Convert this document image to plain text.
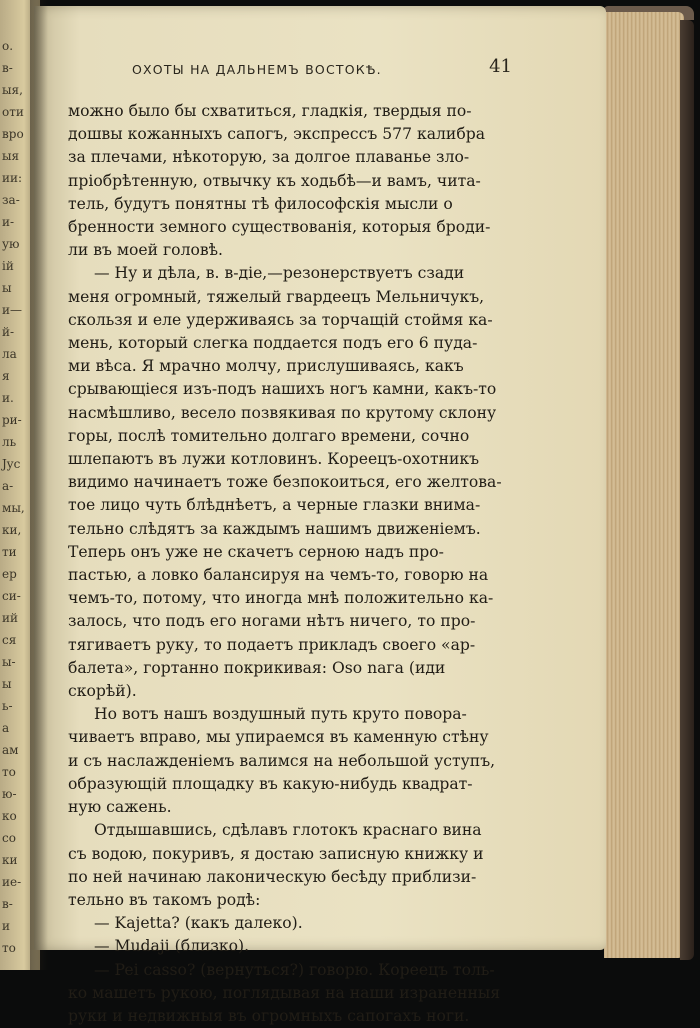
о.
в-
ыя,
оти
вро
ыя
ии:
за-
и-
ую
ій
ы
и—
й-
ла
я
и.
ри-
ль
Jyc
а-
мы,
ки,
ти
ер
си-
ий
ся
ы-
ы
ь-
a
aм
то
ю-
ко
со
ки
ие-
в-
и
то
ОХОТЫ НА ДАЛЬНЕМЪ ВОСТОКѢ.	41
можно было бы схватиться, гладкія, твердыя по-
дошвы кожанныхъ сапогъ, экспрессъ 577 калибра
за плечами, нѣкоторую, за долгое плаванье зло-
пріобрѣтенную, отвычку къ ходьбѣ—и вамъ, чита-
тель, будутъ понятны тѣ философскія мысли о
бренности земного существованія, которыя броди-
ли въ моей головѣ.
— Ну и дѣла, в. в-діе,—резонерствуетъ сзади
меня огромный, тяжелый гвардеецъ Мельничукъ,
скользя и еле удерживаясь за торчащій стоймя ка-
мень, который слегка поддается подъ его 6 пуда-
ми вѣса. Я мрачно молчу, прислушиваясь, какъ
срывающіеся изъ-подъ нашихъ ногъ камни, какъ-то
насмѣшливо, весело позвякивая по крутому склону
горы, послѣ томительно долгаго времени, сочно
шлепаютъ въ лужи котловинъ. Кореецъ-охотникъ
видимо начинаетъ тоже безпокоиться, его желтова-
тое лицо чуть блѣднѣетъ, а черные глазки внима-
тельно слѣдятъ за каждымъ нашимъ движеніемъ.
Теперь онъ уже не скачетъ серною надъ про-
пастью, а ловко балансируя на чемъ-то, говорю на
чемъ-то, потому, что иногда мнѣ положительно ка-
залось, что подъ его ногами нѣтъ ничего, то про-
тягиваетъ руку, то подаетъ прикладъ своего «ар-
балета», гортанно покрикивая: Oso naга (иди
скорѣй).
Но вотъ нашъ воздушный путь круто повора-
чиваетъ вправо, мы упираемся въ каменную стѣну
и съ наслажденіемъ валимся на небольшой уступъ,
образующій площадку въ какую-нибудь квадрат-
ную сажень.
Отдышавшись, сдѣлавъ глотокъ краснаго вина
съ водою, покуривъ, я достаю записную книжку и
по ней начинаю лаконическую бесѣду приблизи-
тельно въ такомъ родѣ:
— Kajetta? (какъ далеко).
— Mudaji (близко).
— Pei casso? (вернуться?) говорю. Кореецъ толь-
ко машетъ рукою, поглядывая на наши израненныя
руки и недвижныя въ огромныхъ сапогахъ ноги.
